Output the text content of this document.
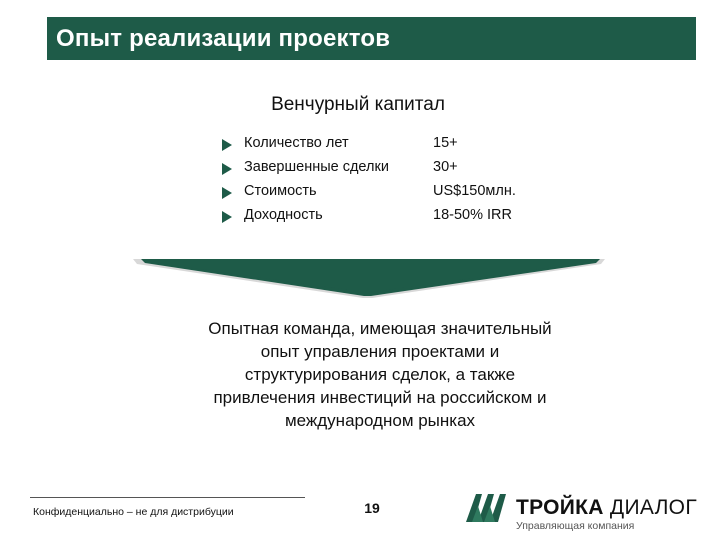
Опыт реализации проектов
Венчурный капитал
Количество лет	15+
Завершенные сделки	30+
Стоимость	US$150млн.
Доходность	18-50% IRR
Опытная команда, имеющая значительный
опыт управления проектами и
структурирования сделок, а также
привлечения инвестиций на российском и
международном рынках
Конфиденциально – не для дистрибуции	19	ТРОЙКА ДИАЛОГ
Управляющая компания
